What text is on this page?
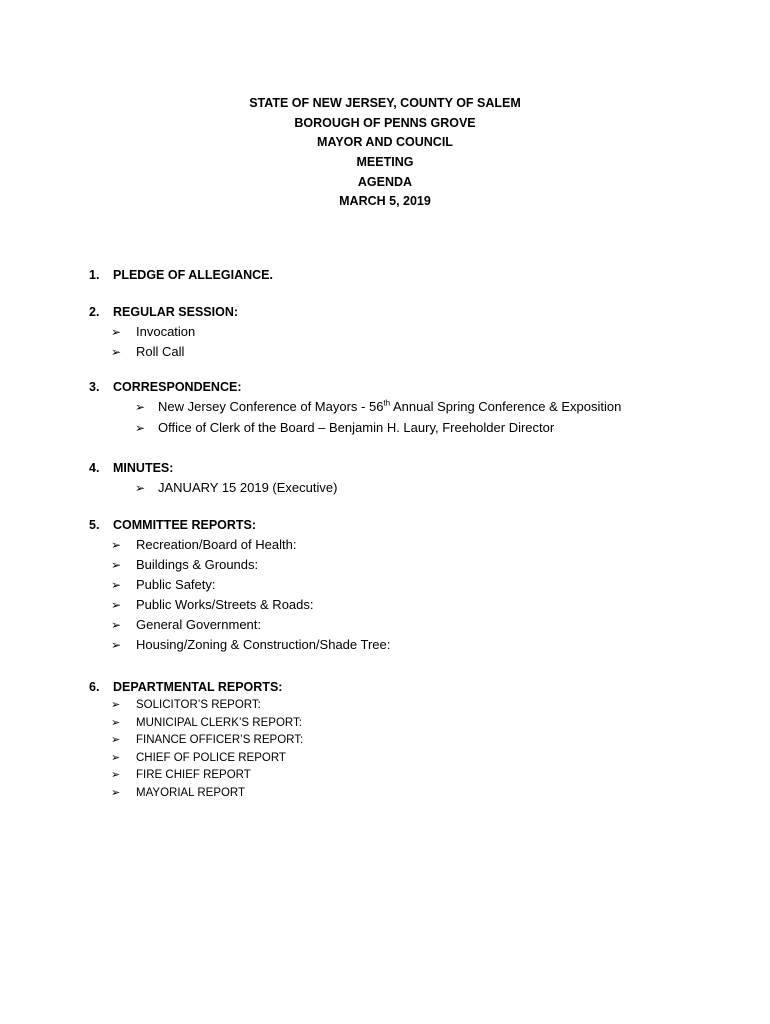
STATE OF NEW JERSEY, COUNTY OF SALEM
BOROUGH OF PENNS GROVE
MAYOR AND COUNCIL
MEETING
AGENDA
MARCH 5, 2019
1. PLEDGE OF ALLEGIANCE.
2. REGULAR SESSION:
➢ Invocation
➢ Roll Call
3. CORRESPONDENCE:
➢ New Jersey Conference of Mayors - 56th Annual Spring Conference & Exposition
➢ Office of Clerk of the Board – Benjamin H. Laury, Freeholder Director
4. MINUTES:
➢ JANUARY 15 2019 (Executive)
5. COMMITTEE REPORTS:
➢ Recreation/Board of Health:
➢ Buildings & Grounds:
➢ Public Safety:
➢ Public Works/Streets & Roads:
➢ General Government:
➢ Housing/Zoning & Construction/Shade Tree:
6. DEPARTMENTAL REPORTS:
➢ SOLICITOR’S REPORT:
➢ MUNICIPAL CLERK’S REPORT:
➢ FINANCE OFFICER’S REPORT:
➢ CHIEF OF POLICE REPORT
➢ FIRE CHIEF REPORT
➢ MAYORIAL REPORT
